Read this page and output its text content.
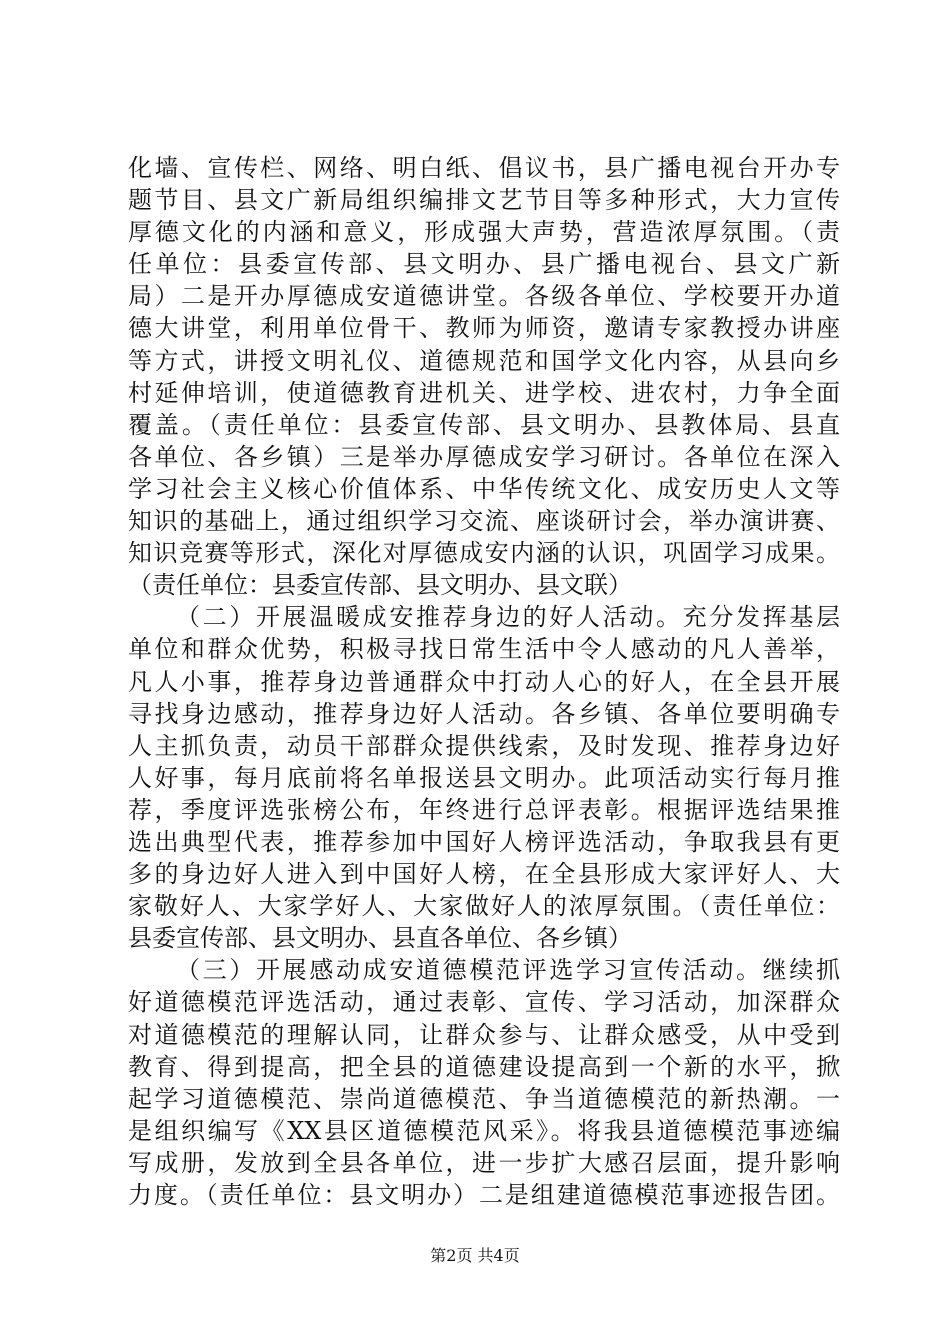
化墙、宣传栏、网络、明白纸、倡议书，县广播电视台开办专
题节目、县文广新局组织编排文艺节目等多种形式，大力宣传
厚德文化的内涵和意义，形成强大声势，营造浓厚氛围。（责
任单位：县委宣传部、县文明办、县广播电视台、县文广新
局）二是开办厚德成安道德讲堂。各级各单位、学校要开办道
德大讲堂，利用单位骨干、教师为师资，邀请专家教授办讲座
等方式，讲授文明礼仪、道德规范和国学文化内容，从县向乡
村延伸培训，使道德教育进机关、进学校、进农村，力争全面
覆盖。（责任单位：县委宣传部、县文明办、县教体局、县直
各单位、各乡镇）三是举办厚德成安学习研讨。各单位在深入
学习社会主义核心价值体系、中华传统文化、成安历史人文等
知识的基础上，通过组织学习交流、座谈研讨会，举办演讲赛、
知识竞赛等形式，深化对厚德成安内涵的认识，巩固学习成果。
（责任单位：县委宣传部、县文明办、县文联）
（二）开展温暖成安推荐身边的好人活动。充分发挥基层
单位和群众优势，积极寻找日常生活中令人感动的凡人善举，
凡人小事，推荐身边普通群众中打动人心的好人，在全县开展
寻找身边感动，推荐身边好人活动。各乡镇、各单位要明确专
人主抓负责，动员干部群众提供线索，及时发现、推荐身边好
人好事，每月底前将名单报送县文明办。此项活动实行每月推
荐，季度评选张榜公布，年终进行总评表彰。根据评选结果推
选出典型代表，推荐参加中国好人榜评选活动，争取我县有更
多的身边好人进入到中国好人榜，在全县形成大家评好人、大
家敬好人、大家学好人、大家做好人的浓厚氛围。（责任单位：
县委宣传部、县文明办、县直各单位、各乡镇）
（三）开展感动成安道德模范评选学习宣传活动。继续抓
好道德模范评选活动，通过表彰、宣传、学习活动，加深群众
对道德模范的理解认同，让群众参与、让群众感受，从中受到
教育、得到提高，把全县的道德建设提高到一个新的水平，掀
起学习道德模范、崇尚道德模范、争当道德模范的新热潮。一
是组织编写《XX县区道德模范风采》。将我县道德模范事迹编
写成册，发放到全县各单位，进一步扩大感召层面，提升影响
力度。（责任单位：县文明办）二是组建道德模范事迹报告团。
第2页 共4页
